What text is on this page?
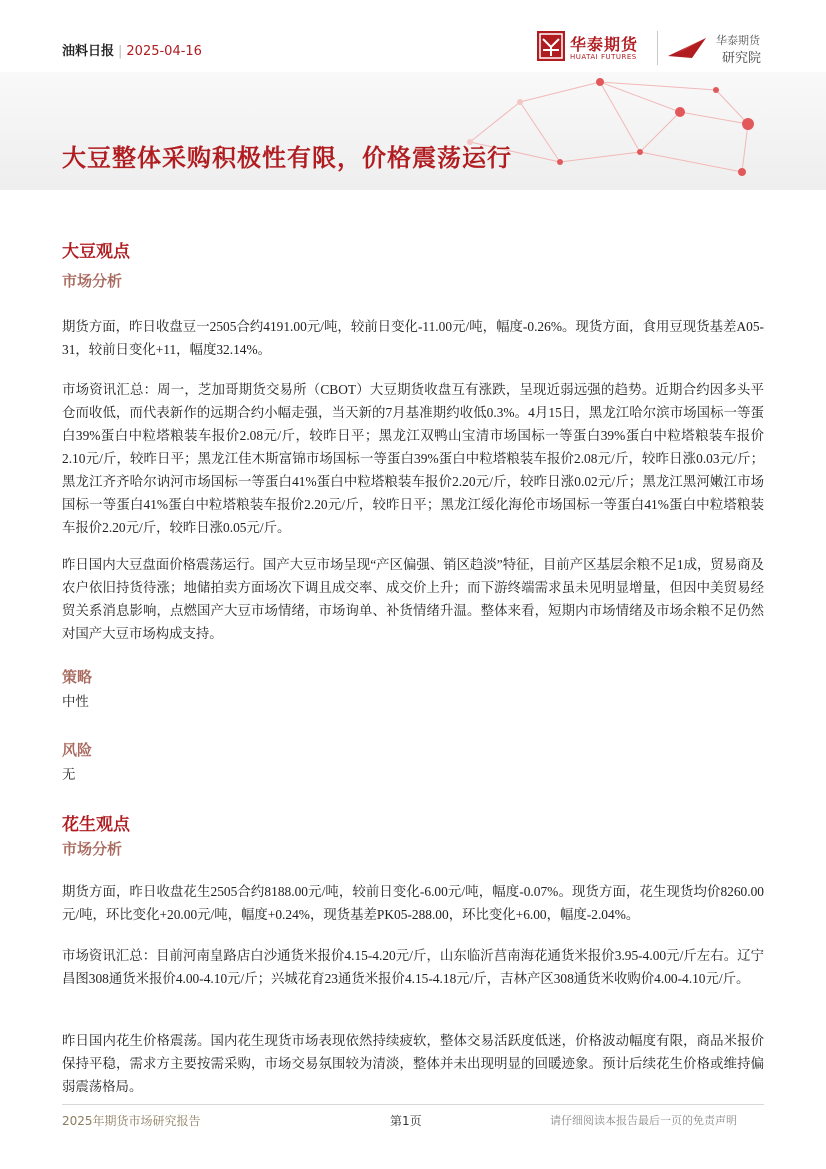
油料日报 | 2025-04-16	华泰期货
HUATAI FUTURES
华泰期货
研究院
大豆整体采购积极性有限，价格震荡运行
大豆观点
市场分析

期货方面，昨日收盘豆一2505合约4191.00元/吨，较前日变化-11.00元/吨，幅度-0.26%。现货方面，食用豆现货基差A05-31，较前日变化+11，幅度32.14%。

市场资讯汇总：周一，芝加哥期货交易所（CBOT）大豆期货收盘互有涨跌，呈现近弱远强的趋势。近期合约因多头平仓而收低，而代表新作的远期合约小幅走强，当天新的7月基准期约收低0.3%。4月15日，黑龙江哈尔滨市场国标一等蛋白39%蛋白中粒塔粮装车报价2.08元/斤，较昨日平；黑龙江双鸭山宝清市场国标一等蛋白39%蛋白中粒塔粮装车报价2.10元/斤，较昨日平；黑龙江佳木斯富锦市场国标一等蛋白39%蛋白中粒塔粮装车报价2.08元/斤，较昨日涨0.03元/斤；黑龙江齐齐哈尔讷河市场国标一等蛋白41%蛋白中粒塔粮装车报价2.20元/斤，较昨日涨0.02元/斤；黑龙江黑河嫩江市场国标一等蛋白41%蛋白中粒塔粮装车报价2.20元/斤，较昨日平；黑龙江绥化海伦市场国标一等蛋白41%蛋白中粒塔粮装车报价2.20元/斤，较昨日涨0.05元/斤。

昨日国内大豆盘面价格震荡运行。国产大豆市场呈现“产区偏强、销区趋淡”特征，目前产区基层余粮不足1成，贸易商及农户依旧持货待涨；地储拍卖方面场次下调且成交率、成交价上升；而下游终端需求虽未见明显增量，但因中美贸易经贸关系消息影响，点燃国产大豆市场情绪，市场询单、补货情绪升温。整体来看，短期内市场情绪及市场余粮不足仍然对国产大豆市场构成支持。

策略

中性

风险

无

花生观点
市场分析

期货方面，昨日收盘花生2505合约8188.00元/吨，较前日变化-6.00元/吨，幅度-0.07%。现货方面，花生现货均价8260.00元/吨，环比变化+20.00元/吨，幅度+0.24%，现货基差PK05-288.00，环比变化+6.00，幅度-2.04%。

市场资讯汇总：目前河南皇路店白沙通货米报价4.15-4.20元/斤，山东临沂莒南海花通货米报价3.95-4.00元/斤左右。辽宁昌图308通货米报价4.00-4.10元/斤；兴城花育23通货米报价4.15-4.18元/斤，吉林产区308通货米收购价4.00-4.10元/斤。

昨日国内花生价格震荡。国内花生现货市场表现依然持续疲软，整体交易活跃度低迷，价格波动幅度有限，商品米报价保持平稳，需求方主要按需采购，市场交易氛围较为清淡，整体并未出现明显的回暖迹象。预计后续花生价格或维持偏弱震荡格局。

2025年期货市场研究报告	第1页	请仔细阅读本报告最后一页的免责声明
